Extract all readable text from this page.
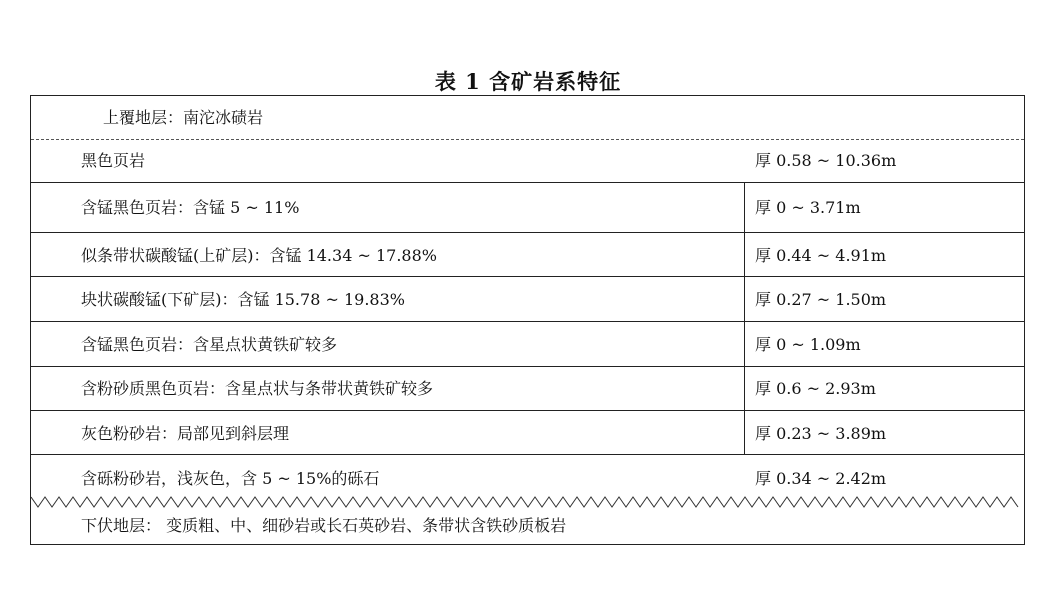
表 1 含矿岩系特征
上覆地层：南沱冰碛岩
黑色页岩	厚 0.58 ~ 10.36m
含锰黑色页岩：含锰 5 ~ 11%	厚 0 ~ 3.71m
似条带状碳酸锰(上矿层)：含锰 14.34 ~ 17.88%	厚 0.44 ~ 4.91m
块状碳酸锰(下矿层)：含锰 15.78 ~ 19.83%	厚 0.27 ~ 1.50m
含锰黑色页岩：含星点状黄铁矿较多	厚 0 ~ 1.09m
含粉砂质黑色页岩：含星点状与条带状黄铁矿较多	厚 0.6 ~ 2.93m
灰色粉砂岩：局部见到斜层理	厚 0.23 ~ 3.89m
含砾粉砂岩，浅灰色，含 5 ~ 15%的砾石	厚 0.34 ~ 2.42m
下伏地层： 变质粗、中、细砂岩或长石英砂岩、条带状含铁砂质板岩
